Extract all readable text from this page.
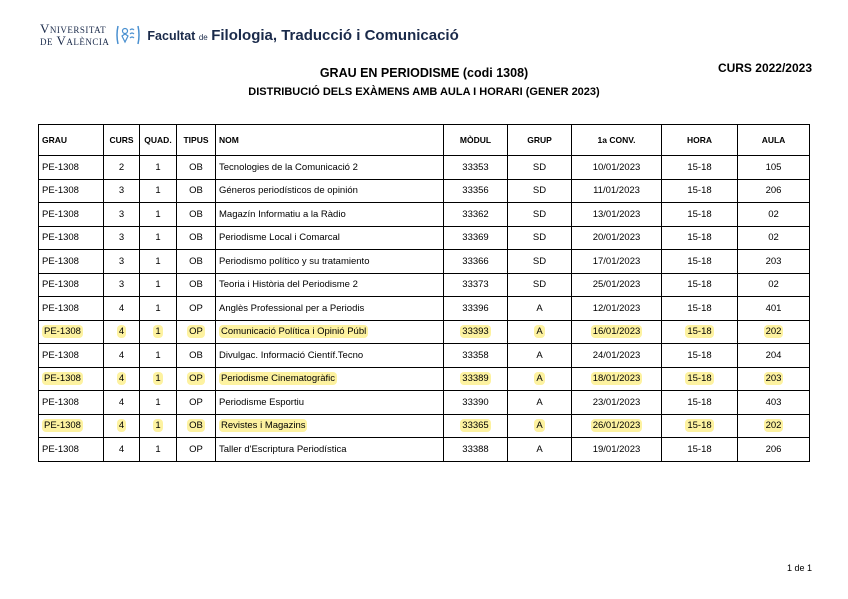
Vniversitat
de València	Facultat de Filologia, Traducció i Comunicació
CURS 2022/2023
GRAU EN PERIODISME (codi 1308)
DISTRIBUCIÓ DELS EXÀMENS AMB AULA I HORARI (GENER 2023)
GRAU	CURS	QUAD.	TIPUS	NOM	MÒDUL	GRUP	1a CONV.	HORA	AULA
PE-1308	2	1	OB	Tecnologies de la Comunicació 2	33353	SD	10/01/2023	15-18	105
PE-1308	3	1	OB	Géneros periodísticos de opinión	33356	SD	11/01/2023	15-18	206
PE-1308	3	1	OB	Magazín Informatiu a la Ràdio	33362	SD	13/01/2023	15-18	02
PE-1308	3	1	OB	Periodisme Local i Comarcal	33369	SD	20/01/2023	15-18	02
PE-1308	3	1	OB	Periodismo político y su tratamiento	33366	SD	17/01/2023	15-18	203
PE-1308	3	1	OB	Teoria i Història del Periodisme 2	33373	SD	25/01/2023	15-18	02
PE-1308	4	1	OP	Anglès Professional per a Periodis	33396	A	12/01/2023	15-18	401
PE-1308	4	1	OP	Comunicació Política i Opinió Públ	33393	A	16/01/2023	15-18	202
PE-1308	4	1	OB	Divulgac. Informació Científ.Tecno	33358	A	24/01/2023	15-18	204
PE-1308	4	1	OP	Periodisme Cinematogràfic	33389	A	18/01/2023	15-18	203
PE-1308	4	1	OP	Periodisme Esportiu	33390	A	23/01/2023	15-18	403
PE-1308	4	1	OB	Revistes i Magazins	33365	A	26/01/2023	15-18	202
PE-1308	4	1	OP	Taller d'Escriptura Periodística	33388	A	19/01/2023	15-18	206
1 de 1
